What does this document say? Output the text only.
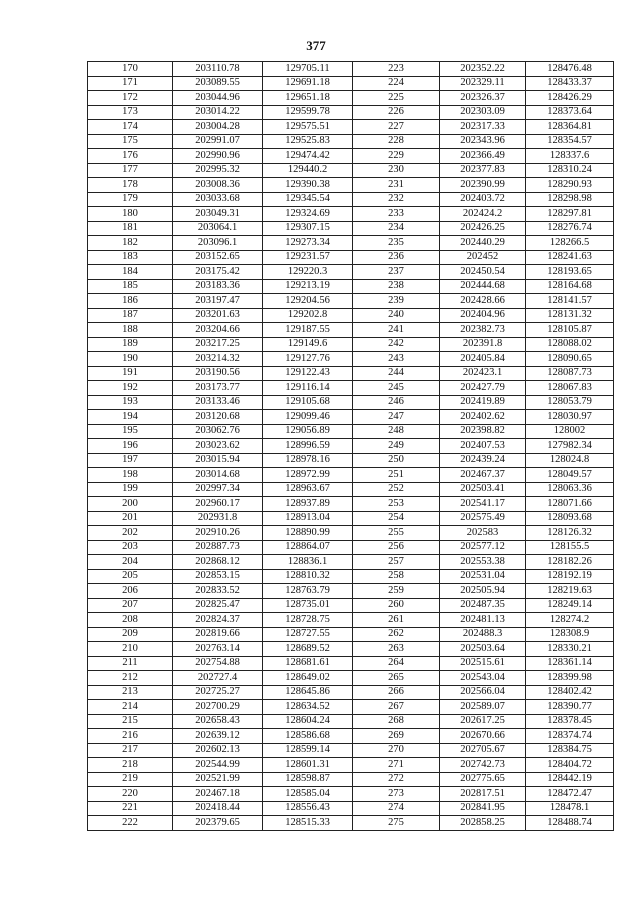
377
170	203110.78	129705.11	223	202352.22	128476.48
171	203089.55	129691.18	224	202329.11	128433.37
172	203044.96	129651.18	225	202326.37	128426.29
173	203014.22	129599.78	226	202303.09	128373.64
174	203004.28	129575.51	227	202317.33	128364.81
175	202991.07	129525.83	228	202343.96	128354.57
176	202990.96	129474.42	229	202366.49	128337.6
177	202995.32	129440.2	230	202377.83	128310.24
178	203008.36	129390.38	231	202390.99	128290.93
179	203033.68	129345.54	232	202403.72	128298.98
180	203049.31	129324.69	233	202424.2	128297.81
181	203064.1	129307.15	234	202426.25	128276.74
182	203096.1	129273.34	235	202440.29	128266.5
183	203152.65	129231.57	236	202452	128241.63
184	203175.42	129220.3	237	202450.54	128193.65
185	203183.36	129213.19	238	202444.68	128164.68
186	203197.47	129204.56	239	202428.66	128141.57
187	203201.63	129202.8	240	202404.96	128131.32
188	203204.66	129187.55	241	202382.73	128105.87
189	203217.25	129149.6	242	202391.8	128088.02
190	203214.32	129127.76	243	202405.84	128090.65
191	203190.56	129122.43	244	202423.1	128087.73
192	203173.77	129116.14	245	202427.79	128067.83
193	203133.46	129105.68	246	202419.89	128053.79
194	203120.68	129099.46	247	202402.62	128030.97
195	203062.76	129056.89	248	202398.82	128002
196	203023.62	128996.59	249	202407.53	127982.34
197	203015.94	128978.16	250	202439.24	128024.8
198	203014.68	128972.99	251	202467.37	128049.57
199	202997.34	128963.67	252	202503.41	128063.36
200	202960.17	128937.89	253	202541.17	128071.66
201	202931.8	128913.04	254	202575.49	128093.68
202	202910.26	128890.99	255	202583	128126.32
203	202887.73	128864.07	256	202577.12	128155.5
204	202868.12	128836.1	257	202553.38	128182.26
205	202853.15	128810.32	258	202531.04	128192.19
206	202833.52	128763.79	259	202505.94	128219.63
207	202825.47	128735.01	260	202487.35	128249.14
208	202824.37	128728.75	261	202481.13	128274.2
209	202819.66	128727.55	262	202488.3	128308.9
210	202763.14	128689.52	263	202503.64	128330.21
211	202754.88	128681.61	264	202515.61	128361.14
212	202727.4	128649.02	265	202543.04	128399.98
213	202725.27	128645.86	266	202566.04	128402.42
214	202700.29	128634.52	267	202589.07	128390.77
215	202658.43	128604.24	268	202617.25	128378.45
216	202639.12	128586.68	269	202670.66	128374.74
217	202602.13	128599.14	270	202705.67	128384.75
218	202544.99	128601.31	271	202742.73	128404.72
219	202521.99	128598.87	272	202775.65	128442.19
220	202467.18	128585.04	273	202817.51	128472.47
221	202418.44	128556.43	274	202841.95	128478.1
222	202379.65	128515.33	275	202858.25	128488.74
